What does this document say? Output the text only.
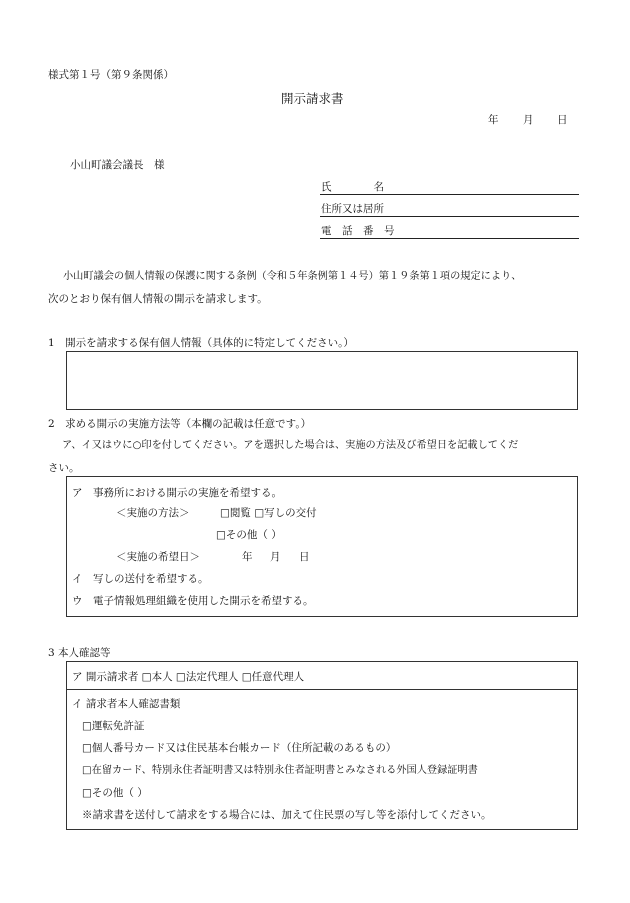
様式第１号（第９条関係）
開示請求書
年 月 日
小山町議会議長　様
氏　　　　名
住所又は居所
電　話　番　号
小山町議会の個人情報の保護に関する条例（令和５年条例第１４号）第１９条第１項の規定により、
次のとおり保有個人情報の開示を請求します。
1　開示を請求する保有個人情報（具体的に特定してください。）
2　求める開示の実施方法等（本欄の記載は任意です。）
ア、イ又はウに○印を付してください。アを選択した場合は、実施の方法及び希望日を記載してくだ
さい。
ア　事務所における開示の実施を希望する。
＜実施の方法＞	□閲覧 □写しの交付
□その他（ ）
＜実施の希望日＞	年 月 日
イ　写しの送付を希望する。
ウ　電子情報処理組織を使用した開示を希望する。
3 本人確認等
ア 開示請求者 □本人 □法定代理人 □任意代理人
イ 請求者本人確認書類
□運転免許証
□個人番号カード又は住民基本台帳カード（住所記載のあるもの）
□在留カード、特別永住者証明書又は特別永住者証明書とみなされる外国人登録証明書
□その他（ ）
※請求書を送付して請求をする場合には、加えて住民票の写し等を添付してください。
